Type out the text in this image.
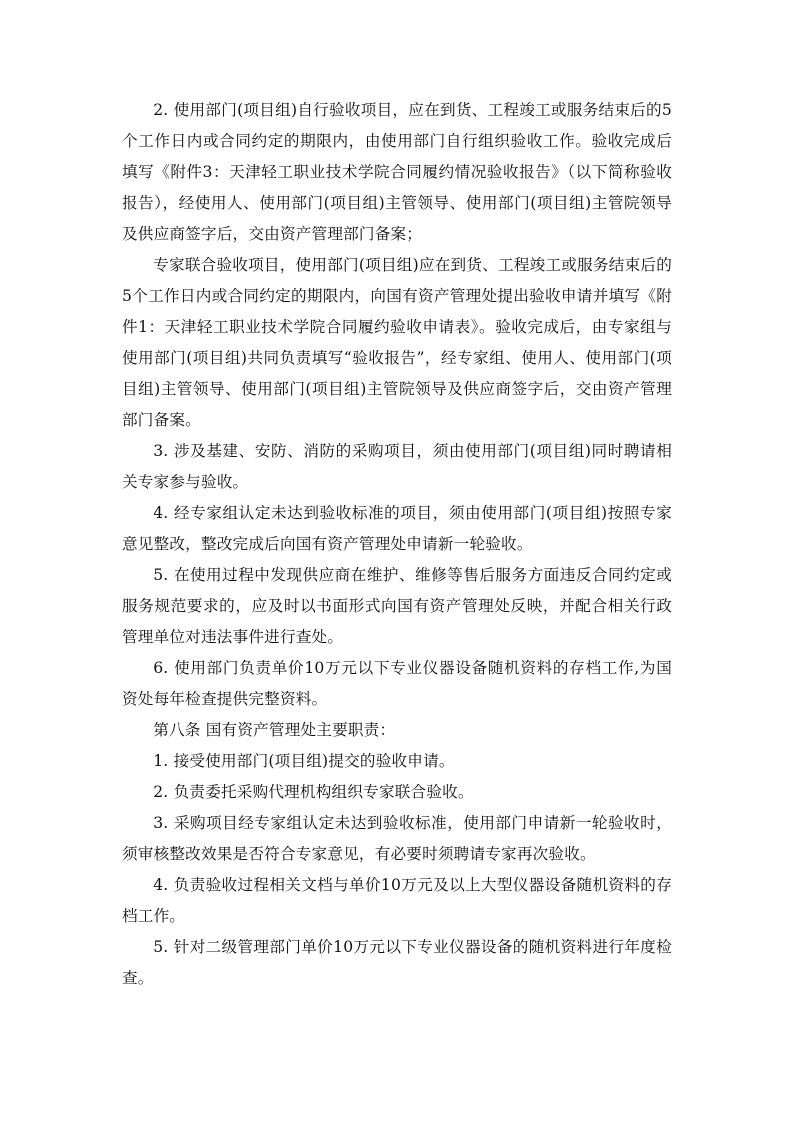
2. 使用部门(项目组)自行验收项目，应在到货、工程竣工或服务结束后的5个工作日内或合同约定的期限内，由使用部门自行组织验收工作。验收完成后填写《附件3：天津轻工职业技术学院合同履约情况验收报告》（以下简称验收报告），经使用人、使用部门(项目组)主管领导、使用部门(项目组)主管院领导及供应商签字后，交由资产管理部门备案；

专家联合验收项目，使用部门(项目组)应在到货、工程竣工或服务结束后的5个工作日内或合同约定的期限内，向国有资产管理处提出验收申请并填写《附件1：天津轻工职业技术学院合同履约验收申请表》。验收完成后，由专家组与使用部门(项目组)共同负责填写“验收报告”，经专家组、使用人、使用部门(项目组)主管领导、使用部门(项目组)主管院领导及供应商签字后，交由资产管理部门备案。

3. 涉及基建、安防、消防的采购项目，须由使用部门(项目组)同时聘请相关专家参与验收。

4. 经专家组认定未达到验收标准的项目，须由使用部门(项目组)按照专家意见整改，整改完成后向国有资产管理处申请新一轮验收。

5. 在使用过程中发现供应商在维护、维修等售后服务方面违反合同约定或服务规范要求的，应及时以书面形式向国有资产管理处反映，并配合相关行政管理单位对违法事件进行查处。

6. 使用部门负责单价10万元以下专业仪器设备随机资料的存档工作,为国资处每年检查提供完整资料。

第八条 国有资产管理处主要职责：

1. 接受使用部门(项目组)提交的验收申请。

2. 负责委托采购代理机构组织专家联合验收。

3. 采购项目经专家组认定未达到验收标准，使用部门申请新一轮验收时，须审核整改效果是否符合专家意见，有必要时须聘请专家再次验收。

4. 负责验收过程相关文档与单价10万元及以上大型仪器设备随机资料的存档工作。

5. 针对二级管理部门单价10万元以下专业仪器设备的随机资料进行年度检查。
